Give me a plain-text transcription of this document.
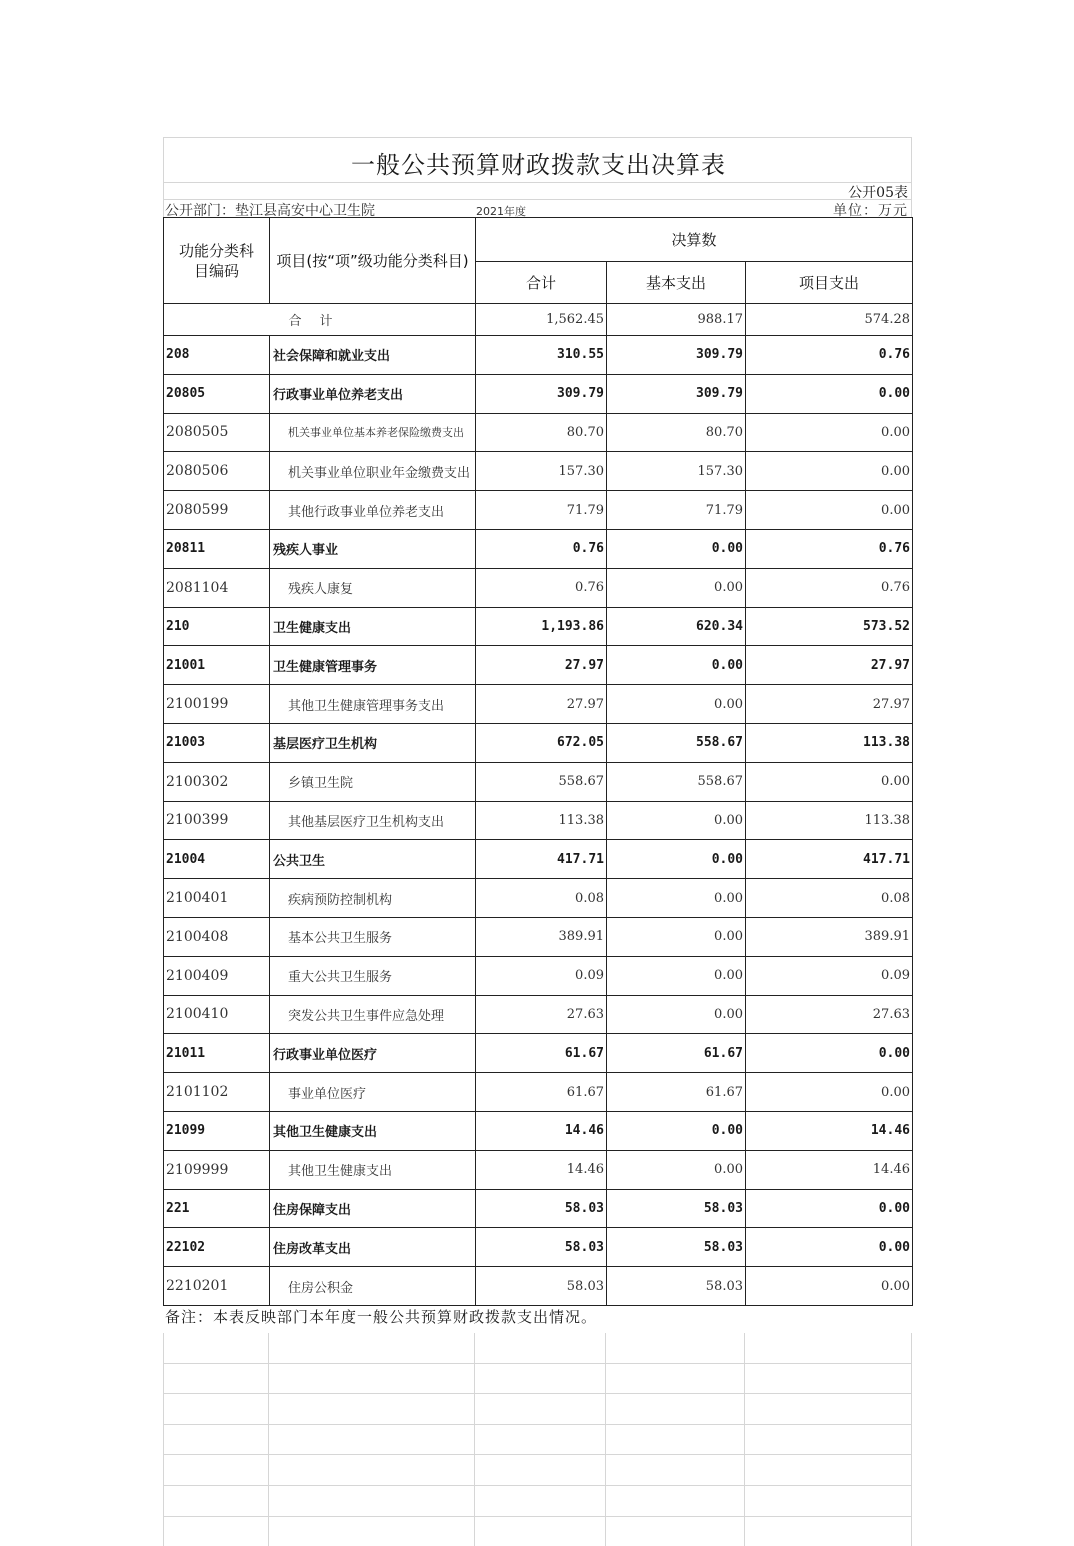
一般公共预算财政拨款支出决算表
公开05表
公开部门：垫江县高安中心卫生院	2021年度	单位：万元
功能分类科目编码	项目(按“项”级功能分类科目)	决算数		
		合计	基本支出	项目支出
合计		1,562.45	988.17	574.28
208	社会保障和就业支出	310.55	309.79	0.76
20805	行政事业单位养老支出	309.79	309.79	0.00
2080505	机关事业单位基本养老保险缴费支出	80.70	80.70	0.00
2080506	机关事业单位职业年金缴费支出	157.30	157.30	0.00
2080599	其他行政事业单位养老支出	71.79	71.79	0.00
20811	残疾人事业	0.76	0.00	0.76
2081104	残疾人康复	0.76	0.00	0.76
210	卫生健康支出	1,193.86	620.34	573.52
21001	卫生健康管理事务	27.97	0.00	27.97
2100199	其他卫生健康管理事务支出	27.97	0.00	27.97
21003	基层医疗卫生机构	672.05	558.67	113.38
2100302	乡镇卫生院	558.67	558.67	0.00
2100399	其他基层医疗卫生机构支出	113.38	0.00	113.38
21004	公共卫生	417.71	0.00	417.71
2100401	疾病预防控制机构	0.08	0.00	0.08
2100408	基本公共卫生服务	389.91	0.00	389.91
2100409	重大公共卫生服务	0.09	0.00	0.09
2100410	突发公共卫生事件应急处理	27.63	0.00	27.63
21011	行政事业单位医疗	61.67	61.67	0.00
2101102	事业单位医疗	61.67	61.67	0.00
21099	其他卫生健康支出	14.46	0.00	14.46
2109999	其他卫生健康支出	14.46	0.00	14.46
221	住房保障支出	58.03	58.03	0.00
22102	住房改革支出	58.03	58.03	0.00
2210201	住房公积金	58.03	58.03	0.00
备注：本表反映部门本年度一般公共预算财政拨款支出情况。
